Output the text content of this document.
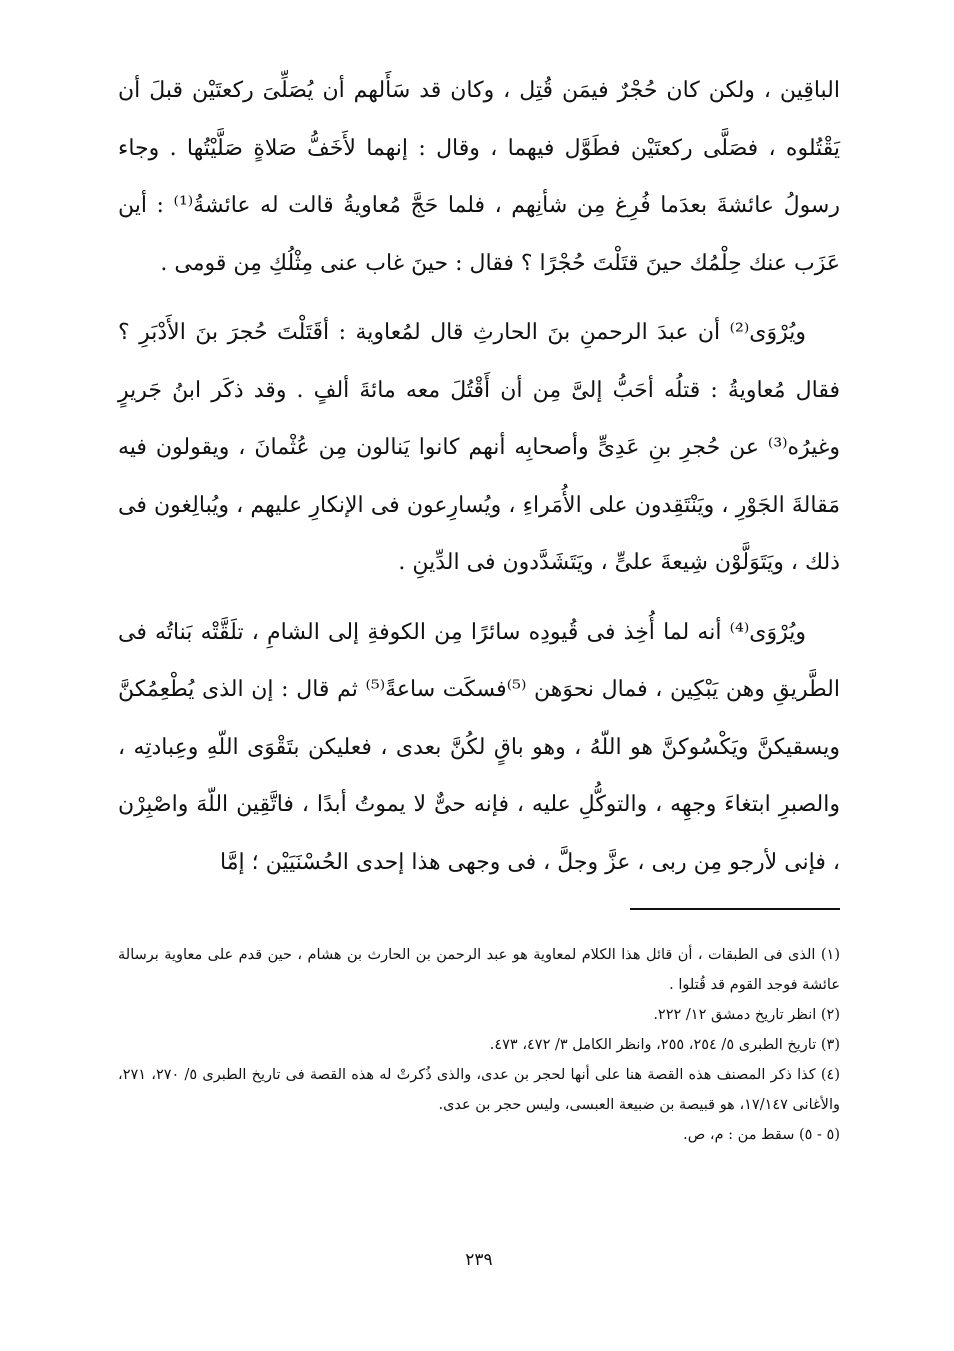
الباقِين ، ولكن كان حُجْرٌ فيمَن قُتِل ، وكان قد سَأَلهم أن يُصَلِّىَ ركعتَيْن قبلَ أن يَقْتُلوه ، فصَلَّى ركعتَيْن فطَوَّل فيهما ، وقال : إنهما لأَخَفُّ صَلاةٍ صَلَّيْتُها . وجاء رسولُ عائشةَ بعدَما فُرِغ مِن شأنِهم ، فلما حَجَّ مُعاويةُ قالت له عائشةُ⁽¹⁾ : أين عَزَب عنك حِلْمُك حينَ قتَلْتَ حُجْرًا ؟ فقال : حينَ غاب عنى مِثْلُكِ مِن قومى .

ويُرْوَى⁽²⁾ أن عبدَ الرحمنِ بنَ الحارثِ قال لمُعاوية : أقَتَلْتَ حُجرَ بنَ الأَدْبَرِ ؟ فقال مُعاويةُ : قتلُه أحَبُّ إلىَّ مِن أن أَقْتُلَ معه مائةَ ألفٍ . وقد ذكَر ابنُ جَريرٍ وغيرُه⁽³⁾ عن حُجرِ بنِ عَدِىٍّ وأصحابِه أنهم كانوا يَنالون مِن عُثْمانَ ، ويقولون فيه مَقالةَ الجَوْرِ ، ويَنْتَقِدون على الأُمَراءِ ، ويُسارِعون فى الإنكارِ عليهم ، ويُبالِغون فى ذلك ، ويَتَوَلَّوْن شِيعةَ علىٍّ ، ويَتَشَدَّدون فى الدِّينِ .

ويُرْوَى⁽⁴⁾ أنه لما أُخِذ فى قُيودِه سائرًا مِن الكوفةِ إلى الشامِ ، تلَقَّتْه بَناتُه فى الطَّريقِ وهن يَبْكِين ، فمال نحوَهن ⁽⁵⁾فسكَت ساعةً⁽⁵⁾ ثم قال : إن الذى يُطْعِمُكنَّ ويسقيكنَّ ويَكْسُوكنَّ هو اللّهُ ، وهو باقٍ لكُنَّ بعدى ، فعليكن بتَقْوَى اللّهِ وعِبادتِه ، والصبرِ ابتغاءَ وجهِه ، والتوكُّلِ عليه ، فإنه حىٌّ لا يموتُ أبدًا ، فاتَّقِين اللّهَ واصْبِرْن ، فإنى لأرجو مِن ربى ، عزَّ وجلَّ ، فى وجهى هذا إحدى الحُسْنَيَيْن ؛ إمَّا

(١) الذى فى الطبقات ، أن قائل هذا الكلام لمعاوية هو عبد الرحمن بن الحارث بن هشام ، حين قدم على معاوية برسالة عائشة فوجد القوم قد قُتلوا .

(٢) انظر تاريخ دمشق ١٢/ ٢٢٢.

(٣) تاريخ الطبرى ٥/ ٢٥٤، ٢٥٥، وانظر الكامل ٣/ ٤٧٢، ٤٧٣.

(٤) كذا ذكر المصنف هذه القصة هنا على أنها لحجر بن عدى، والذى ذُكرتْ له هذه القصة فى تاريخ الطبرى ٥/ ٢٧٠، ٢٧١، والأغانى ١٧/١٤٧، هو قبيصة بن ضبيعة العبسى، وليس حجر بن عدى.

(٥ - ٥) سقط من : م، ص.

٢٣٩
